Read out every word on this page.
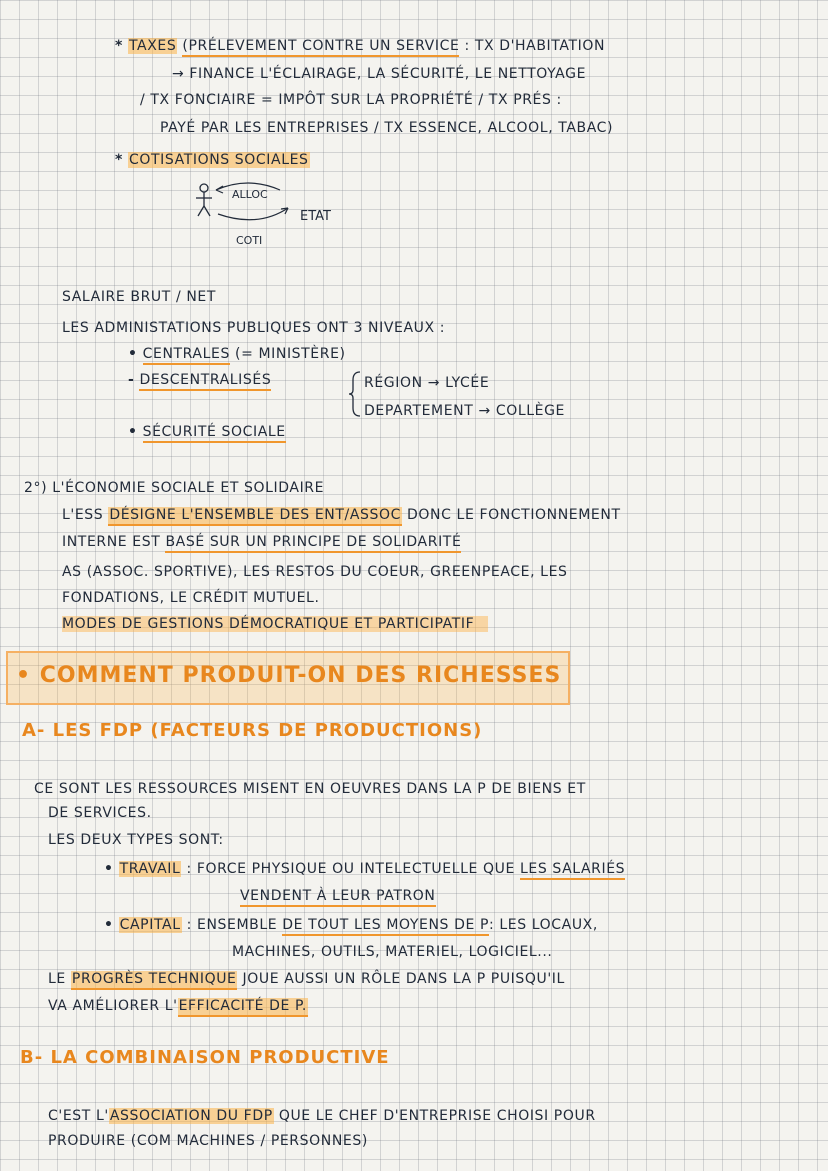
* TAXES (PRÉLEVEMENT CONTRE UN SERVICE : TX D'HABITATION
→ FINANCE L'ÉCLAIRAGE, LA SÉCURITÉ, LE NETTOYAGE
/ TX FONCIAIRE = IMPÔT SUR LA PROPRIÉTÉ / TX PRÉS :
PAYÉ PAR LES ENTREPRISES / TX ESSENCE, ALCOOL, TABAC)
* COTISATIONS SOCIALES
ALLOC
ETAT
COTI
SALAIRE BRUT / NET
LES ADMINISTATIONS PUBLIQUES ONT 3 NIVEAUX :
• CENTRALES (= MINISTÈRE)
- DESCENTRALISÉS	RÉGION → LYCÉE
DEPARTEMENT → COLLÈGE
• SÉCURITÉ SOCIALE
2°) L'ÉCONOMIE SOCIALE ET SOLIDAIRE
L'ESS DÉSIGNE L'ENSEMBLE DES ENT/ASSOC DONC LE FONCTIONNEMENT
INTERNE EST BASÉ SUR UN PRINCIPE DE SOLIDARITÉ
AS (ASSOC. SPORTIVE), LES RESTOS DU COEUR, GREENPEACE, LES
FONDATIONS, LE CRÉDIT MUTUEL.
MODES DE GESTIONS DÉMOCRATIQUE ET PARTICIPATIF
• COMMENT PRODUIT-ON DES RICHESSES
A- LES FDP (FACTEURS DE PRODUCTIONS)
CE SONT LES RESSOURCES MISENT EN OEUVRES DANS LA P DE BIENS ET
DE SERVICES.
LES DEUX TYPES SONT:
• TRAVAIL : FORCE PHYSIQUE OU INTELECTUELLE QUE LES SALARIÉS
VENDENT À LEUR PATRON
• CAPITAL : ENSEMBLE DE TOUT LES MOYENS DE P: LES LOCAUX,
MACHINES, OUTILS, MATERIEL, LOGICIEL...
LE PROGRÈS TECHNIQUE JOUE AUSSI UN RÔLE DANS LA P PUISQU'IL
VA AMÉLIORER L'EFFICACITÉ DE P.
B- LA COMBINAISON PRODUCTIVE
C'EST L'ASSOCIATION DU FDP QUE LE CHEF D'ENTREPRISE CHOISI POUR
PRODUIRE (COM MACHINES / PERSONNES)
